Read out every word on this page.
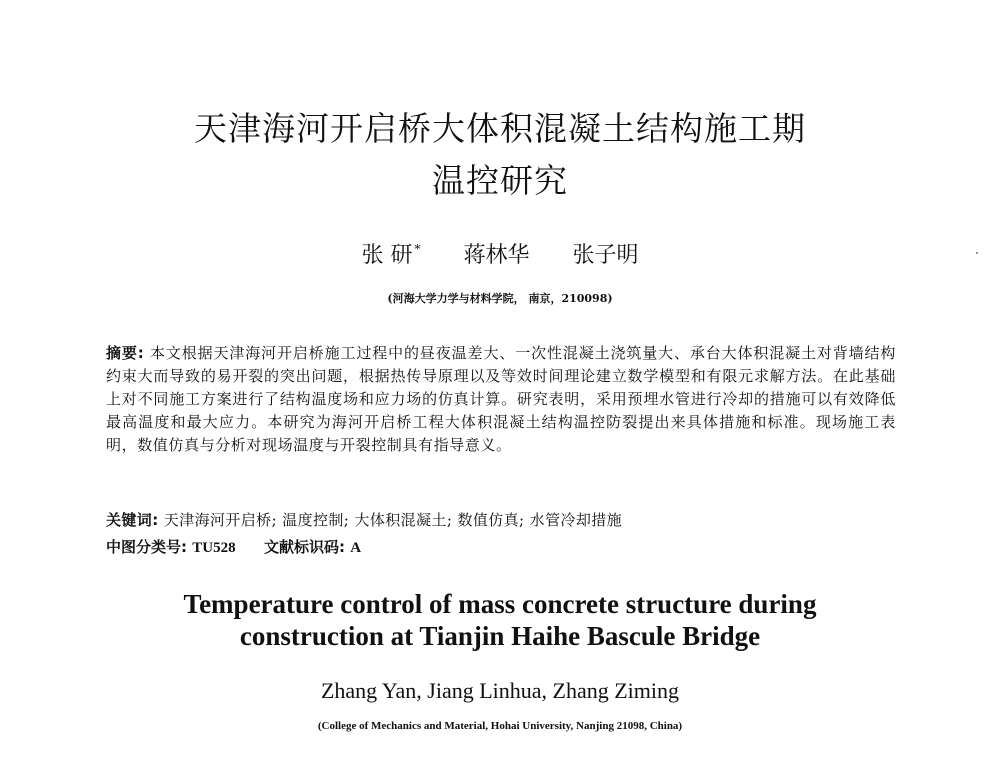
天津海河开启桥大体积混凝土结构施工期
温控研究
张 研 * 蒋林华 张子明
(河海大学力学与材料学院， 南京，210098)
摘要: 本文根据天津海河开启桥施工过程中的昼夜温差大、一次性混凝土浇筑量大、承台大体积混凝土对背墙结构约束大而导致的易开裂的突出问题，根据热传导原理以及等效时间理论建立数学模型和有限元求解方法。在此基础上对不同施工方案进行了结构温度场和应力场的仿真计算。研究表明，采用预埋水管进行冷却的措施可以有效降低最高温度和最大应力。本研究为海河开启桥工程大体积混凝土结构温控防裂提出来具体措施和标准。现场施工表明，数值仿真与分析对现场温度与开裂控制具有指导意义。
关键词: 天津海河开启桥; 温度控制; 大体积混凝土; 数值仿真; 水管冷却措施
中图分类号: TU528 文献标识码: A
Temperature control of mass concrete structure during
construction at Tianjin Haihe Bascule Bridge
Zhang Yan, Jiang Linhua, Zhang Ziming
(College of Mechanics and Material, Hohai University, Nanjing 21098, China)
